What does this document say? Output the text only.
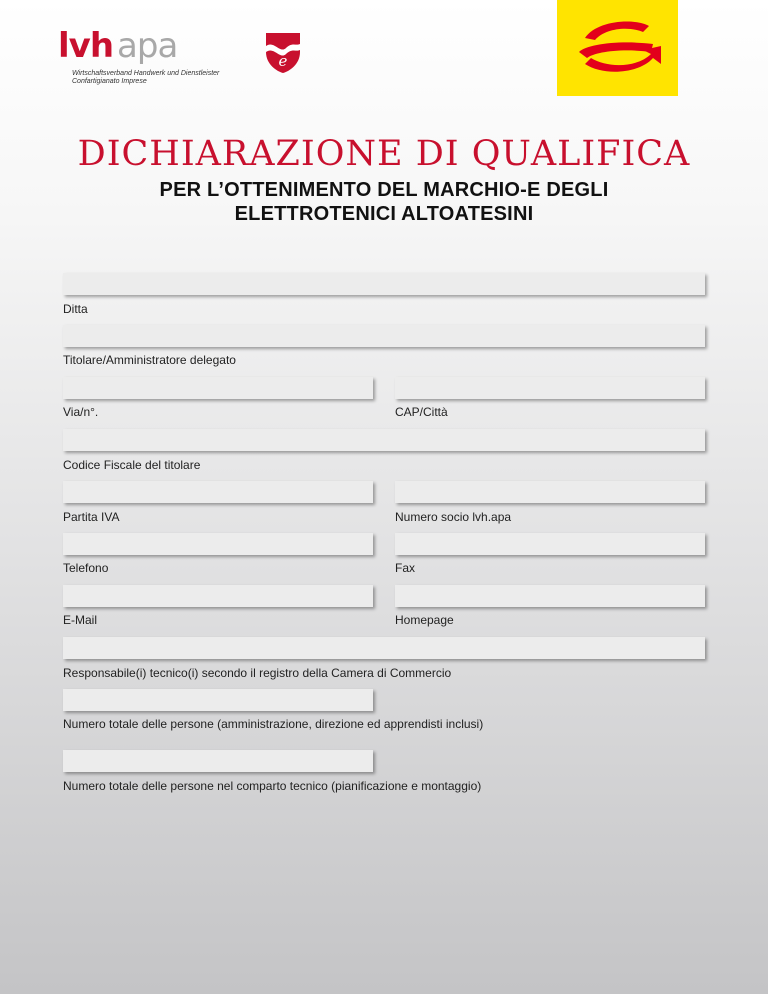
lvh apa
Wirtschaftsverband Handwerk und Dienstleister
Confartigianato Imprese
e
DICHIARAZIONE DI QUALIFICA
PER L’OTTENIMENTO DEL MARCHIO-E DEGLI
ELETTROTENICI ALTOATESINI
Ditta
Titolare/Amministratore delegato
Via/n°.	CAP/Città
Codice Fiscale del titolare
Partita IVA	Numero socio lvh.apa
Telefono	Fax
E-Mail	Homepage
Responsabile(i) tecnico(i) secondo il registro della Camera di Commercio
Numero totale delle persone (amministrazione, direzione ed apprendisti inclusi)
Numero totale delle persone nel comparto tecnico (pianificazione e montaggio)
